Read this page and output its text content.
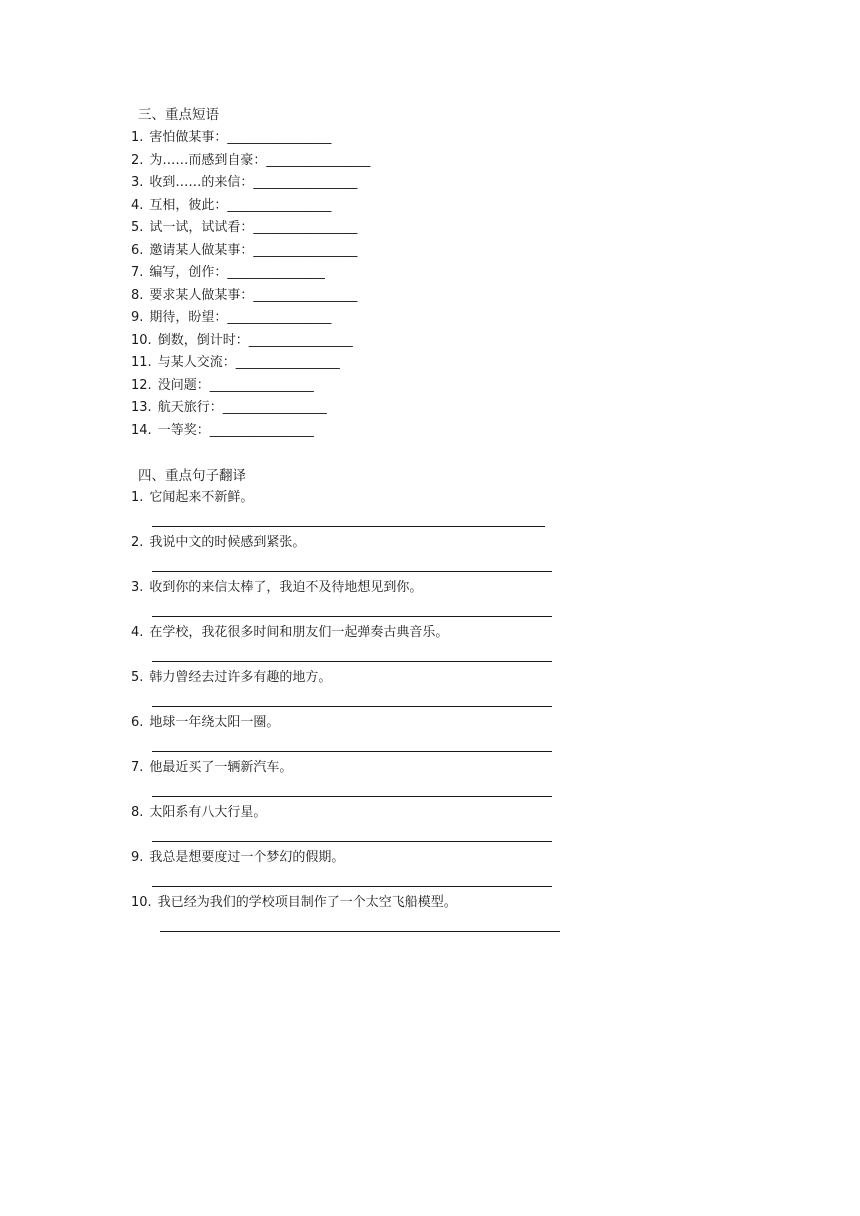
三、重点短语
1. 害怕做某事：________________
2. 为……而感到自豪：________________
3. 收到……的来信：________________
4. 互相，彼此：________________
5. 试一试，试试看：________________
6. 邀请某人做某事：________________
7. 编写，创作：_______________
8. 要求某人做某事：________________
9. 期待，盼望：________________
10. 倒数，倒计时：________________
11. 与某人交流：________________
12. 没问题：________________
13. 航天旅行：________________
14. 一等奖：________________
四、重点句子翻译
1. 它闻起来不新鲜。
2. 我说中文的时候感到紧张。
3. 收到你的来信太棒了，我迫不及待地想见到你。
4. 在学校，我花很多时间和朋友们一起弹奏古典音乐。
5. 韩力曾经去过许多有趣的地方。
6. 地球一年绕太阳一圈。
7. 他最近买了一辆新汽车。
8. 太阳系有八大行星。
9. 我总是想要度过一个梦幻的假期。
10. 我已经为我们的学校项目制作了一个太空飞船模型。
